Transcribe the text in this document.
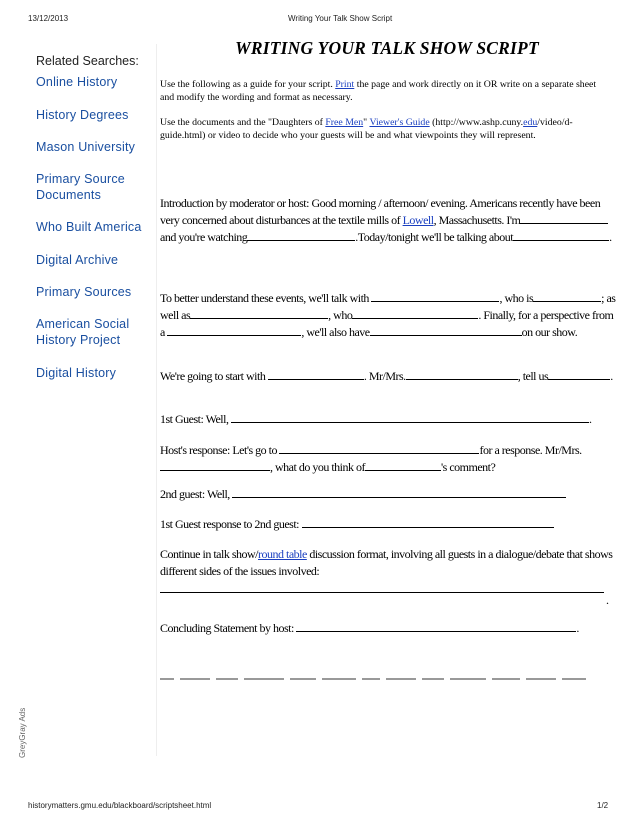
13/12/2013	Writing Your Talk Show Script
Related Searches:
Online History
History Degrees
Mason University
Primary Source Documents
Who Built America
Digital Archive
Primary Sources
American Social History Project
Digital History
GreyGray Ads
WRITING YOUR TALK SHOW SCRIPT
Use the following as a guide for your script. Print the page and work directly on it OR write on a separate sheet and modify the wording and format as necessary.
Use the documents and the "Daughters of Free Men" Viewer's Guide (http://www.ashp.cuny.edu/video/d-guide.html) or video to decide who your guests will be and what viewpoints they will represent.
Introduction by moderator or host: Good morning / afternoon/ evening. Americans recently have been very concerned about disturbances at the textile mills of Lowell, Massachusetts. I'm and you're watching	.Today/tonight we'll be talking about	.
To better understand these events, we'll talk with	, who is	; as well as	, who	. Finally, for a perspective from a	, we'll also have	on our show.
We're going to start with	. Mr/Mrs.	, tell us	.
1st Guest: Well,	.
Host's response: Let's go to	for a response. Mr/Mrs., what do you think of	's comment?
2nd guest: Well,
1st Guest response to 2nd guest:
Continue in talk show/round table discussion format, involving all guests in a dialogue/debate that shows different sides of the issues involved:
.
Concluding Statement by host:	.
historymatters.gmu.edu/blackboard/scriptsheet.html	1/2
